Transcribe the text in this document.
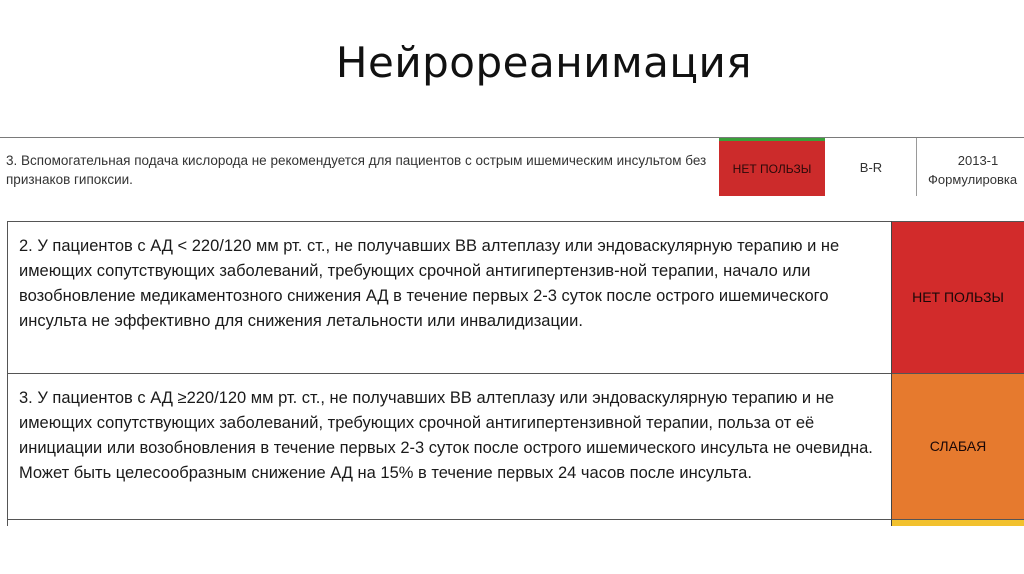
Нейрореанимация
3. Вспомогательная подача кислорода не рекомендуется для пациентов с острым ишемическим инсультом без признаков гипоксии.
НЕТ ПОЛЬЗЫ	B-R	2013-1
Формулировка
2. У пациентов с АД < 220/120 мм рт. ст., не получавших ВВ алтеплазу или эндоваскулярную терапию и не имеющих сопутствующих заболеваний, требующих срочной антигипертензив-ной терапии, начало или возобновление медикаментозного снижения АД в течение первых 2-3 суток после острого ишемического инсульта не эффективно для снижения летальности или инвалидизации.
НЕТ ПОЛЬЗЫ
3. У пациентов с АД ≥220/120 мм рт. ст., не получавших ВВ алтеплазу или эндоваскулярную терапию и не имеющих сопутствующих заболеваний, требующих срочной антигипертензивной терапии, польза от её инициации или возобновления в течение первых 2-3 суток после острого ишемического инсульта не очевидна. Может быть целесообразным снижение АД на 15% в течение первых 24 часов после инсульта.
СЛАБАЯ
